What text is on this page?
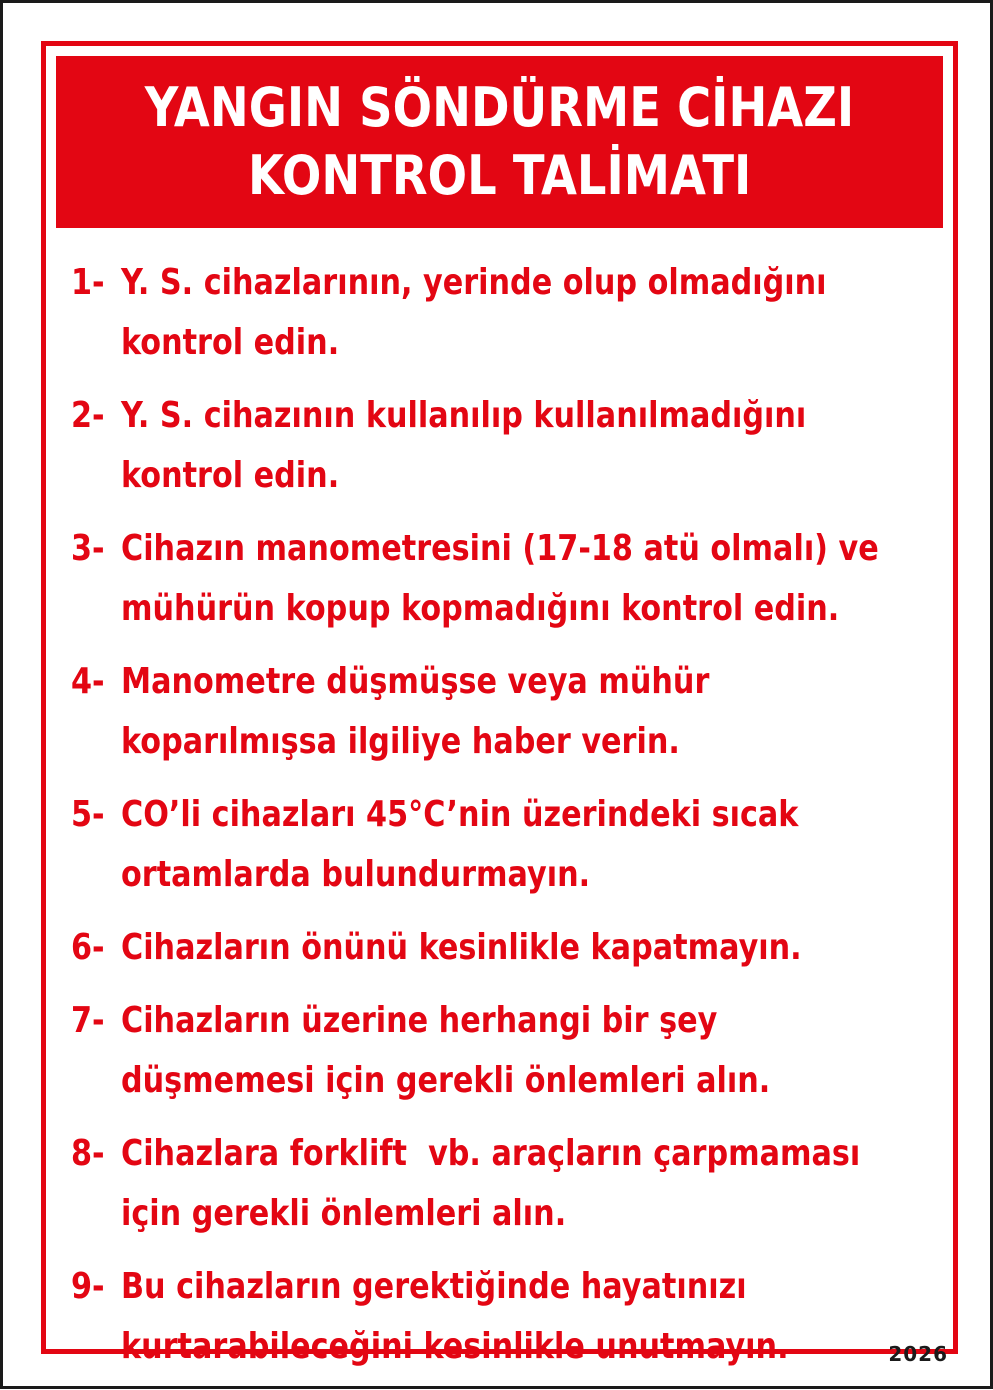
YANGIN SÖNDÜRME CİHAZI
KONTROL TALİMATI
1- Y. S. cihazlarının, yerinde olup olmadığını
kontrol edin.
2- Y. S. cihazının kullanılıp kullanılmadığını
kontrol edin.
3- Cihazın manometresini (17-18 atü olmalı) ve
mühürün kopup kopmadığını kontrol edin.
4- Manometre düşmüşse veya mühür
koparılmışsa ilgiliye haber verin.
5- CO’li cihazları 45°C’nin üzerindeki sıcak
ortamlarda bulundurmayın.
6- Cihazların önünü kesinlikle kapatmayın.
7- Cihazların üzerine herhangi bir şey
düşmemesi için gerekli önlemleri alın.
8- Cihazlara forklift  vb. araçların çarpmaması
için gerekli önlemleri alın.
9- Bu cihazların gerektiğinde hayatınızı
kurtarabileceğini kesinlikle unutmayın.	2026
